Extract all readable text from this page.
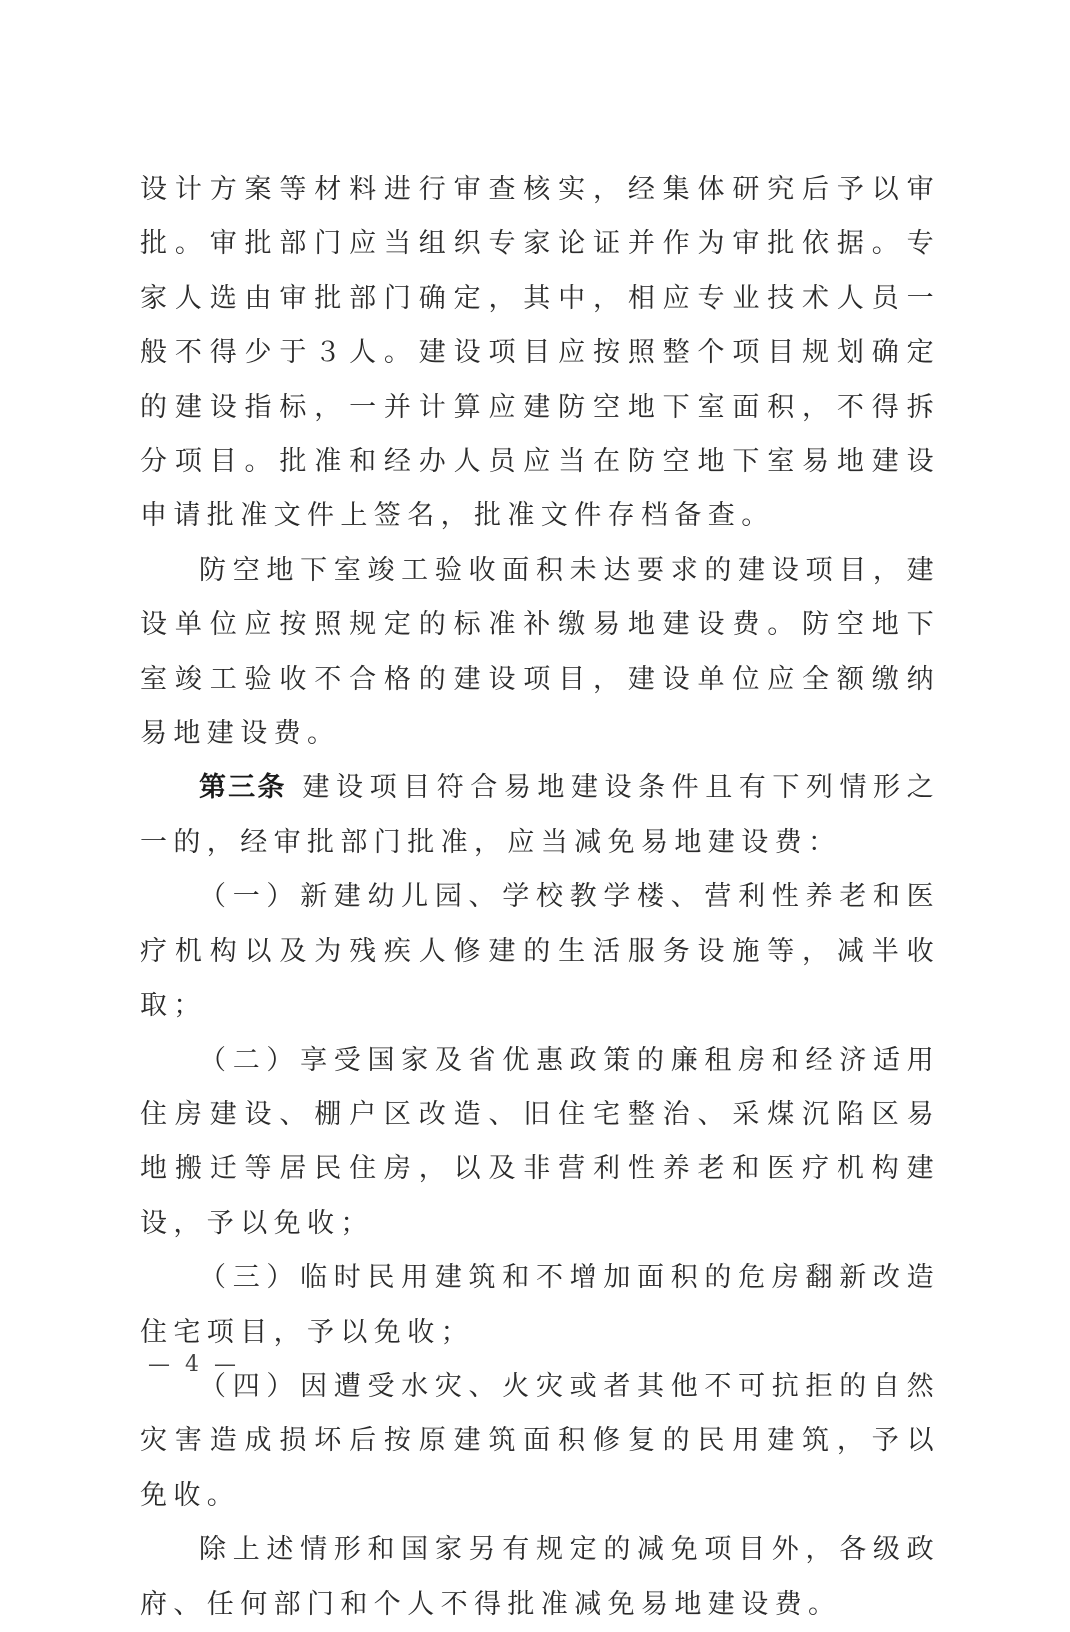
设计方案等材料进行审查核实，经集体研究后予以审批。审批部门应当组织专家论证并作为审批依据。专家人选由审批部门确定，其中，相应专业技术人员一般不得少于３人。建设项目应按照整个项目规划确定的建设指标，一并计算应建防空地下室面积，不得拆分项目。批准和经办人员应当在防空地下室易地建设申请批准文件上签名，批准文件存档备查。

防空地下室竣工验收面积未达要求的建设项目，建设单位应按照规定的标准补缴易地建设费。防空地下室竣工验收不合格的建设项目，建设单位应全额缴纳易地建设费。

第三条 建设项目符合易地建设条件且有下列情形之一的，经审批部门批准，应当减免易地建设费：

（一）新建幼儿园、学校教学楼、营利性养老和医疗机构以及为残疾人修建的生活服务设施等，减半收取；

（二）享受国家及省优惠政策的廉租房和经济适用住房建设、棚户区改造、旧住宅整治、采煤沉陷区易地搬迁等居民住房，以及非营利性养老和医疗机构建设，予以免收；

（三）临时民用建筑和不增加面积的危房翻新改造住宅项目，予以免收；

（四）因遭受水灾、火灾或者其他不可抗拒的自然灾害造成损坏后按原建筑面积修复的民用建筑，予以免收。

除上述情形和国家另有规定的减免项目外，各级政府、任何部门和个人不得批准减免易地建设费。

— 4 —
